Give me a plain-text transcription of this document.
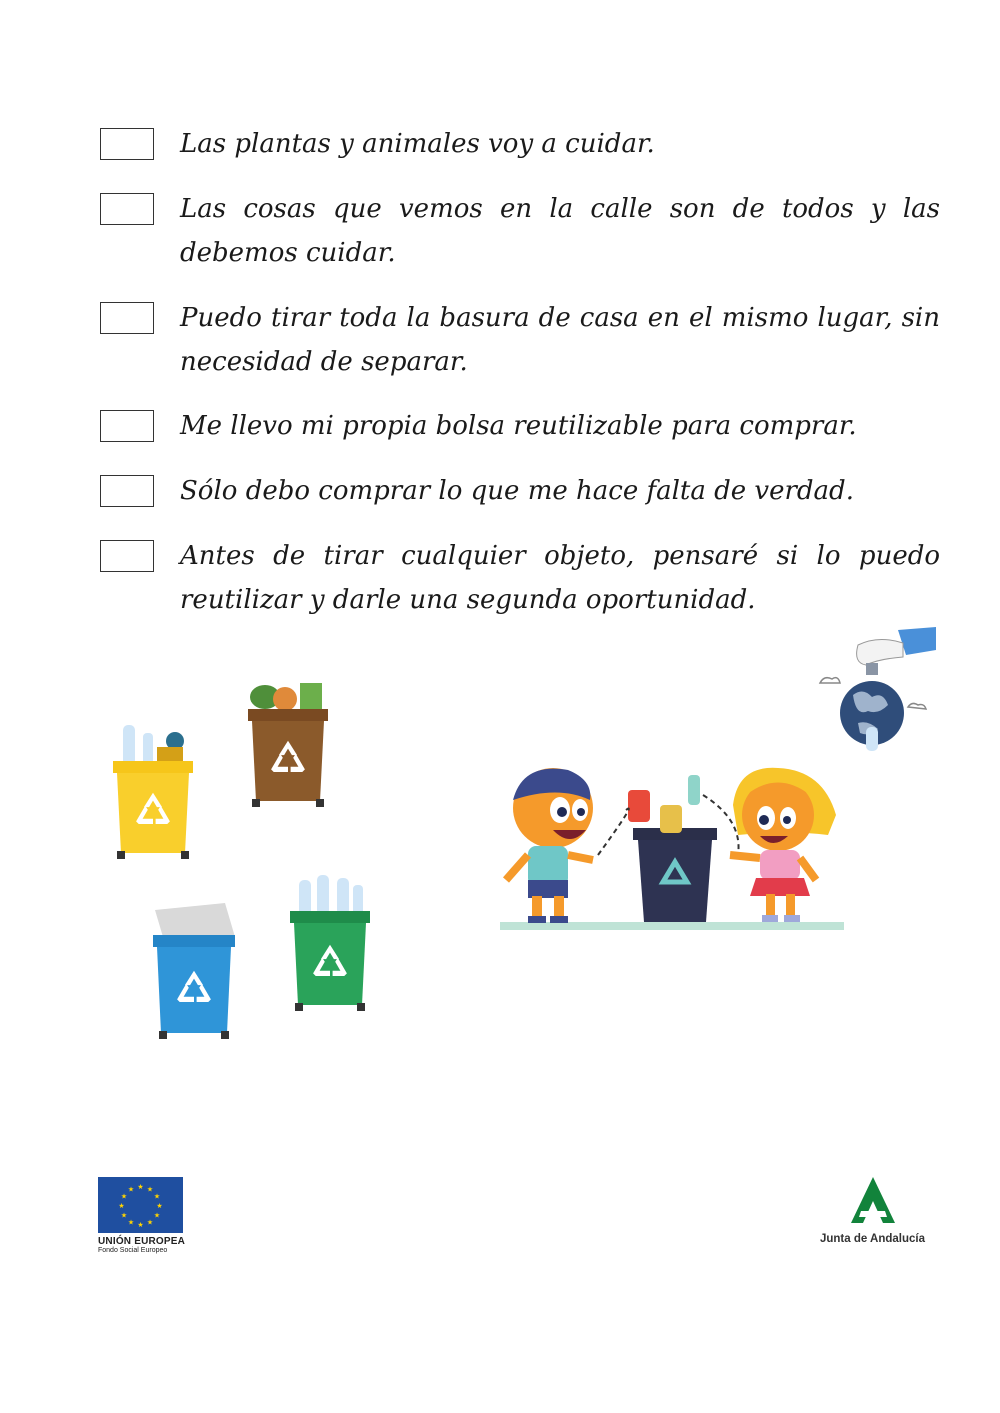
Las plantas y animales voy a cuidar.
Las cosas que vemos en la calle son de todos y las debemos cuidar.
Puedo tirar toda la basura de casa en el mismo lugar, sin necesidad de separar.
Me llevo mi propia bolsa reutilizable para comprar.
Sólo debo comprar lo que me hace falta de verdad.
Antes de tirar cualquier objeto, pensaré si lo puedo reutilizar y darle una segunda oportunidad.
★ ★
★
★
★
★
★
★
★
★
★
★
UNIÓN EUROPEA
Fondo Social Europeo
Junta de Andalucía
